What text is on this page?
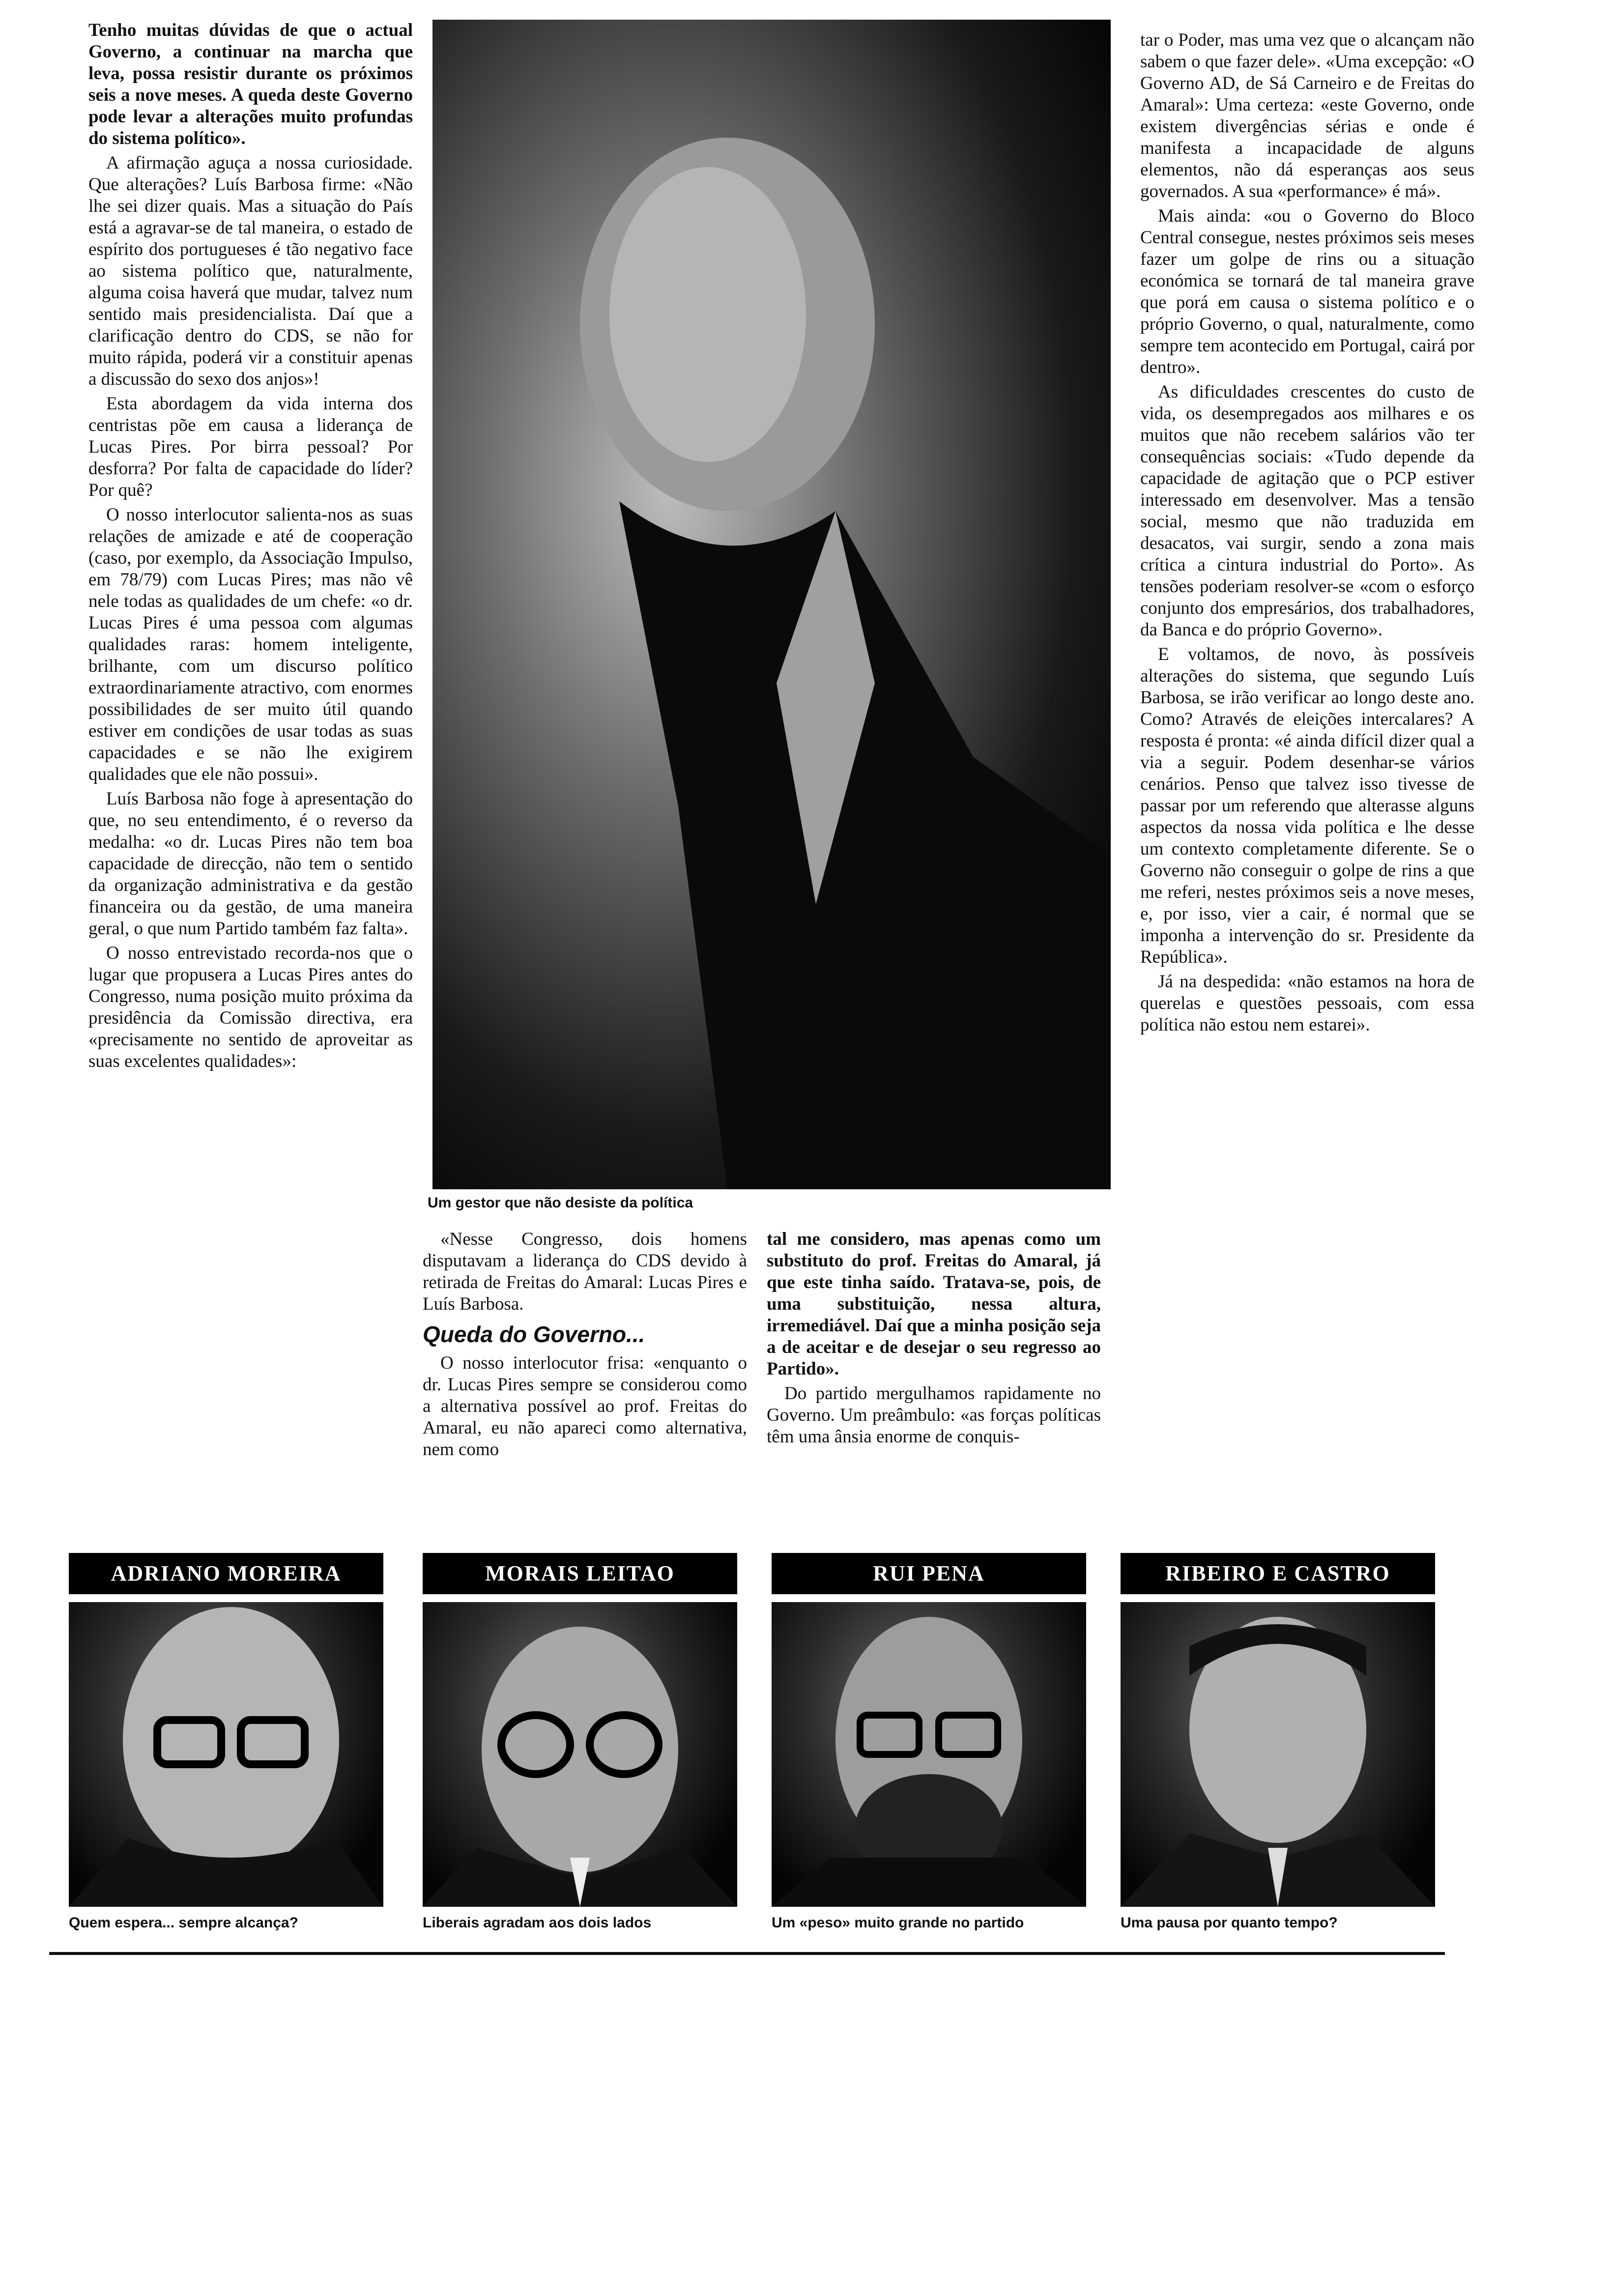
Tenho muitas dúvidas de que o actual Governo, a continuar na marcha que leva, possa resistir durante os próximos seis a nove meses. A queda deste Governo pode levar a alterações muito profundas do sistema político».

A afirmação aguça a nossa curiosidade. Que alterações? Luís Barbosa firme: «Não lhe sei dizer quais. Mas a situação do País está a agravar-se de tal maneira, o estado de espírito dos portugueses é tão negativo face ao sistema político que, naturalmente, alguma coisa haverá que mudar, talvez num sentido mais presidencialista. Daí que a clarificação dentro do CDS, se não for muito rápida, poderá vir a constituir apenas a discussão do sexo dos anjos»!

Esta abordagem da vida interna dos centristas põe em causa a liderança de Lucas Pires. Por birra pessoal? Por desforra? Por falta de capacidade do líder? Por quê?

O nosso interlocutor salienta-nos as suas relações de amizade e até de cooperação (caso, por exemplo, da Associação Impulso, em 78/79) com Lucas Pires; mas não vê nele todas as qualidades de um chefe: «o dr. Lucas Pires é uma pessoa com algumas qualidades raras: homem inteligente, brilhante, com um discurso político extraordinariamente atractivo, com enormes possibilidades de ser muito útil quando estiver em condições de usar todas as suas capacidades e se não lhe exigirem qualidades que ele não possui».

Luís Barbosa não foge à apresentação do que, no seu entendimento, é o reverso da medalha: «o dr. Lucas Pires não tem boa capacidade de direcção, não tem o sentido da organização administrativa e da gestão financeira ou da gestão, de uma maneira geral, o que num Partido também faz falta».

O nosso entrevistado recorda-nos que o lugar que propusera a Lucas Pires antes do Congresso, numa posição muito próxima da presidência da Comissão directiva, era «precisamente no sentido de aproveitar as suas excelentes qualidades»:

Um gestor que não desiste da política

«Nesse Congresso, dois homens disputavam a liderança do CDS devido à retirada de Freitas do Amaral: Lucas Pires e Luís Barbosa.

Queda do Governo...

O nosso interlocutor frisa: «enquanto o dr. Lucas Pires sempre se considerou como a alternativa possível ao prof. Freitas do Amaral, eu não apareci como alternativa, nem como

tal me considero, mas apenas como um substituto do prof. Freitas do Amaral, já que este tinha saído. Tratava-se, pois, de uma substituição, nessa altura, irremediável. Daí que a minha posição seja a de aceitar e de desejar o seu regresso ao Partido».

Do partido mergulhamos rapidamente no Governo. Um preâmbulo: «as forças políticas têm uma ânsia enorme de conquis-

tar o Poder, mas uma vez que o alcançam não sabem o que fazer dele». «Uma excepção: «O Governo AD, de Sá Carneiro e de Freitas do Amaral»: Uma certeza: «este Governo, onde existem divergências sérias e onde é manifesta a incapacidade de alguns elementos, não dá esperanças aos seus governados. A sua «performance» é má».

Mais ainda: «ou o Governo do Bloco Central consegue, nestes próximos seis meses fazer um golpe de rins ou a situação económica se tornará de tal maneira grave que porá em causa o sistema político e o próprio Governo, o qual, naturalmente, como sempre tem acontecido em Portugal, cairá por dentro».

As dificuldades crescentes do custo de vida, os desempregados aos milhares e os muitos que não recebem salários vão ter consequências sociais: «Tudo depende da capacidade de agitação que o PCP estiver interessado em desenvolver. Mas a tensão social, mesmo que não traduzida em desacatos, vai surgir, sendo a zona mais crítica a cintura industrial do Porto». As tensões poderiam resolver-se «com o esforço conjunto dos empresários, dos trabalhadores, da Banca e do próprio Governo».

E voltamos, de novo, às possíveis alterações do sistema, que segundo Luís Barbosa, se irão verificar ao longo deste ano. Como? Através de eleições intercalares? A resposta é pronta: «é ainda difícil dizer qual a via a seguir. Podem desenhar-se vários cenários. Penso que talvez isso tivesse de passar por um referendo que alterasse alguns aspectos da nossa vida política e lhe desse um contexto completamente diferente. Se o Governo não conseguir o golpe de rins a que me referi, nestes próximos seis a nove meses, e, por isso, vier a cair, é normal que se imponha a intervenção do sr. Presidente da República».

Já na despedida: «não estamos na hora de querelas e questões pessoais, com essa política não estou nem estarei».

ADRIANO MOREIRA	MORAIS LEITAO	RUI PENA	RIBEIRO E CASTRO
Quem espera... sempre alcança?	Liberais agradam aos dois lados	Um «peso» muito grande no partido	Uma pausa por quanto tempo?
